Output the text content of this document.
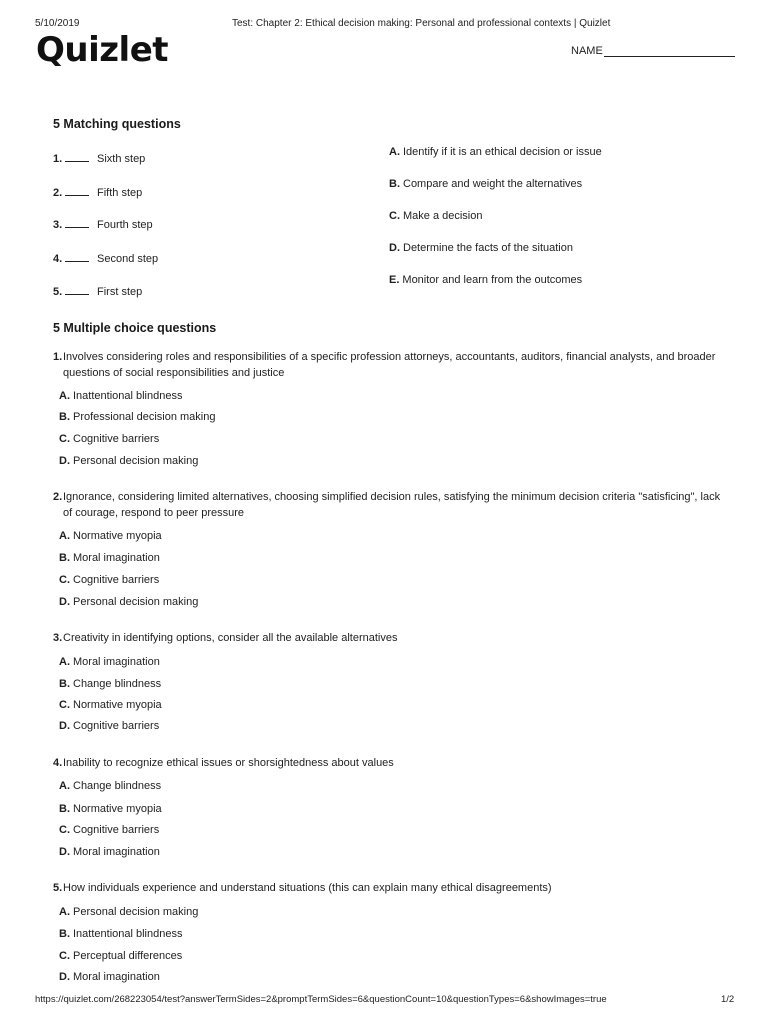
5/10/2019	Test: Chapter 2: Ethical decision making: Personal and professional contexts | Quizlet
Quizlet	NAME
5 Matching questions
1.	Sixth step
2.	Fifth step
3.	Fourth step
4.	Second step
5.	First step
A. Identify if it is an ethical decision or issue
B. Compare and weight the alternatives
C. Make a decision
D. Determine the facts of the situation
E. Monitor and learn from the outcomes
5 Multiple choice questions
1. Involves considering roles and responsibilities of a specific profession attorneys, accountants, auditors, financial analysts, and broader questions of social responsibilities and justice
A. Inattentional blindness
B. Professional decision making
C. Cognitive barriers
D. Personal decision making
2. Ignorance, considering limited alternatives, choosing simplified decision rules, satisfying the minimum decision criteria "satisficing", lack of courage, respond to peer pressure
A. Normative myopia
B. Moral imagination
C. Cognitive barriers
D. Personal decision making
3. Creativity in identifying options, consider all the available alternatives
A. Moral imagination
B. Change blindness
C. Normative myopia
D. Cognitive barriers
4. Inability to recognize ethical issues or shorsightedness about values
A. Change blindness
B. Normative myopia
C. Cognitive barriers
D. Moral imagination
5. How individuals experience and understand situations (this can explain many ethical disagreements)
A. Personal decision making
B. Inattentional blindness
C. Perceptual differences
D. Moral imagination
https://quizlet.com/268223054/test?answerTermSides=2&promptTermSides=6&questionCount=10&questionTypes=6&showImages=true	1/2
